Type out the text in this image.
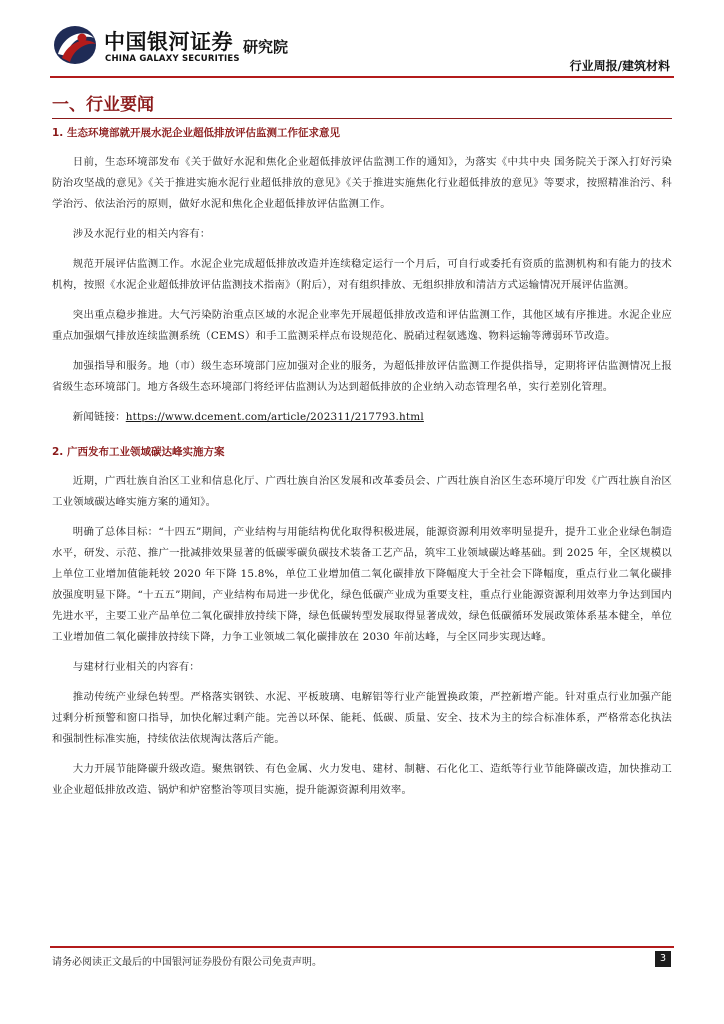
中国银河证券
CHINA GALAXY SECURITIES
研究院
行业周报/建筑材料
一、行业要闻
1. 生态环境部就开展水泥企业超低排放评估监测工作征求意见

日前，生态环境部发布《关于做好水泥和焦化企业超低排放评估监测工作的通知》，为落实《中共中央 国务院关于深入打好污染防治攻坚战的意见》《关于推进实施水泥行业超低排放的意见》《关于推进实施焦化行业超低排放的意见》等要求，按照精准治污、科学治污、依法治污的原则，做好水泥和焦化企业超低排放评估监测工作。

涉及水泥行业的相关内容有：

规范开展评估监测工作。水泥企业完成超低排放改造并连续稳定运行一个月后，可自行或委托有资质的监测机构和有能力的技术机构，按照《水泥企业超低排放评估监测技术指南》（附后），对有组织排放、无组织排放和清洁方式运输情况开展评估监测。

突出重点稳步推进。大气污染防治重点区域的水泥企业率先开展超低排放改造和评估监测工作，其他区域有序推进。水泥企业应重点加强烟气排放连续监测系统（CEMS）和手工监测采样点布设规范化、脱硝过程氨逃逸、物料运输等薄弱环节改造。

加强指导和服务。地（市）级生态环境部门应加强对企业的服务，为超低排放评估监测工作提供指导，定期将评估监测情况上报省级生态环境部门。地方各级生态环境部门将经评估监测认为达到超低排放的企业纳入动态管理名单，实行差别化管理。

新闻链接：https://www.dcement.com/article/202311/217793.html

2. 广西发布工业领域碳达峰实施方案

近期，广西壮族自治区工业和信息化厅、广西壮族自治区发展和改革委员会、广西壮族自治区生态环境厅印发《广西壮族自治区工业领域碳达峰实施方案的通知》。

明确了总体目标：“十四五”期间，产业结构与用能结构优化取得积极进展，能源资源利用效率明显提升，提升工业企业绿色制造水平，研发、示范、推广一批减排效果显著的低碳零碳负碳技术装备工艺产品，筑牢工业领域碳达峰基础。到 2025 年，全区规模以上单位工业增加值能耗较 2020 年下降 15.8%，单位工业增加值二氧化碳排放下降幅度大于全社会下降幅度，重点行业二氧化碳排放强度明显下降。“十五五”期间，产业结构布局进一步优化，绿色低碳产业成为重要支柱，重点行业能源资源利用效率力争达到国内先进水平，主要工业产品单位二氧化碳排放持续下降，绿色低碳转型发展取得显著成效，绿色低碳循环发展政策体系基本健全，单位工业增加值二氧化碳排放持续下降，力争工业领域二氧化碳排放在 2030 年前达峰，与全区同步实现达峰。

与建材行业相关的内容有：

推动传统产业绿色转型。严格落实钢铁、水泥、平板玻璃、电解铝等行业产能置换政策，严控新增产能。针对重点行业加强产能过剩分析预警和窗口指导，加快化解过剩产能。完善以环保、能耗、低碳、质量、安全、技术为主的综合标准体系，严格常态化执法和强制性标准实施，持续依法依规淘汰落后产能。

大力开展节能降碳升级改造。聚焦钢铁、有色金属、火力发电、建材、制糖、石化化工、造纸等行业节能降碳改造，加快推动工业企业超低排放改造、锅炉和炉窑整治等项目实施，提升能源资源利用效率。

请务必阅读正文最后的中国银河证券股份有限公司免责声明。	3
